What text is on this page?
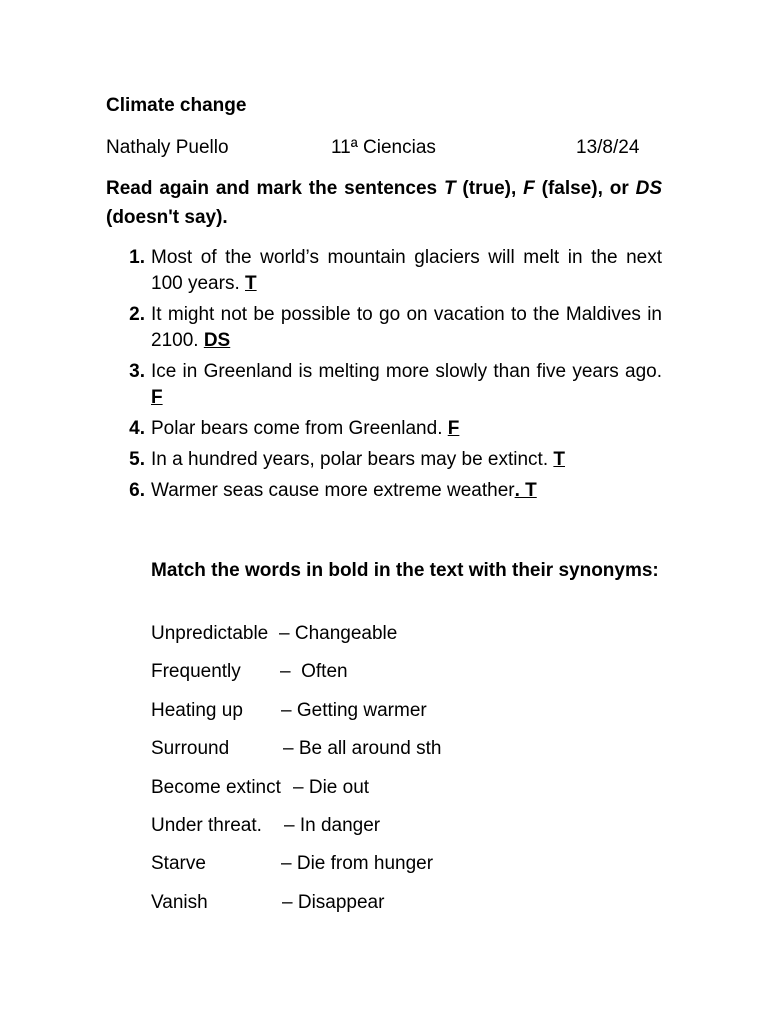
Climate change
Nathaly Puello	11ª Ciencias	13/8/24
Read again and mark the sentences T (true), F (false), or DS (doesn't say).
1. Most of the world’s mountain glaciers will melt in the next 100 years. T
2. It might not be possible to go on vacation to the Maldives in 2100. DS
3. Ice in Greenland is melting more slowly than five years ago. F
4. Polar bears come from Greenland. F
5. In a hundred years, polar bears may be extinct. T
6. Warmer seas cause more extreme weather. T
Match the words in bold in the text with their synonyms:
Unpredictable – Changeable
Frequently –  Often
Heating up – Getting warmer
Surround	– Be all around sth
Become extinct – Die out
Under threat. – In danger
Starve	– Die from hunger
Vanish	– Disappear
